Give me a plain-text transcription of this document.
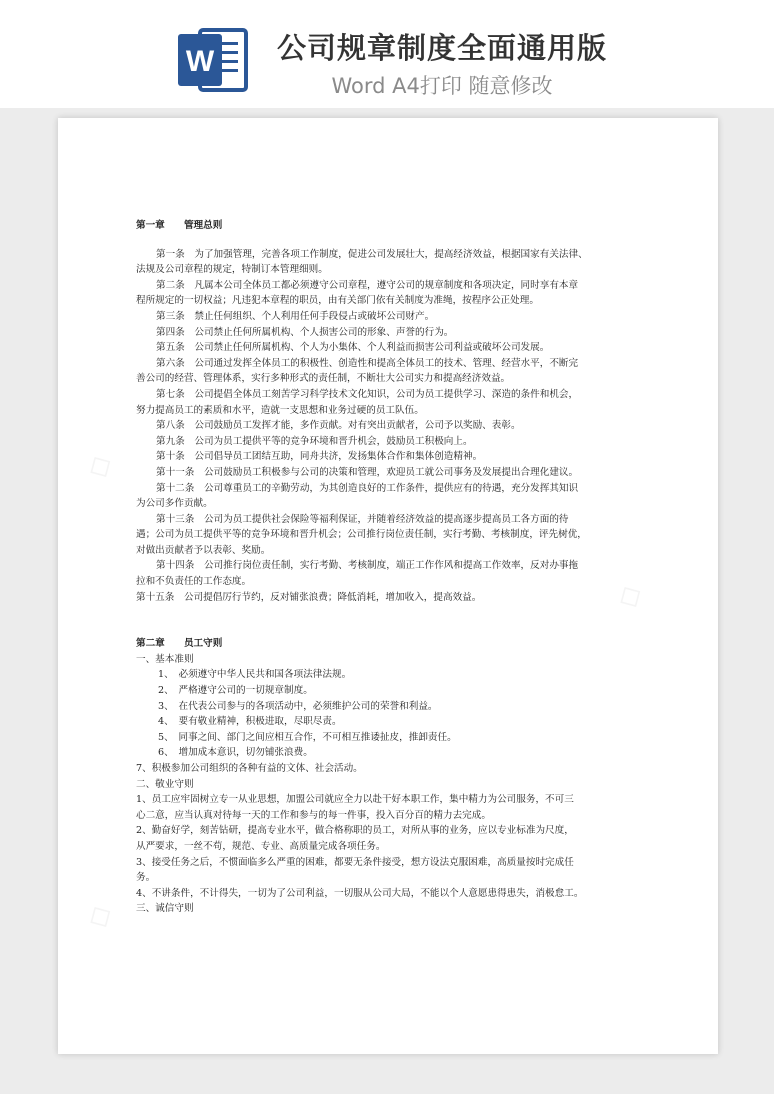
W	公司规章制度全面通用版
Word A4打印 随意修改
◇
◇
◇
第一章　　管理总则
第一条　为了加强管理，完善各项工作制度，促进公司发展壮大，提高经济效益，根据国家有关法律、
法规及公司章程的规定，特制订本管理细则。
第二条　凡属本公司全体员工都必须遵守公司章程，遵守公司的规章制度和各项决定，同时享有本章
程所规定的一切权益；凡违犯本章程的职员，由有关部门依有关制度为准绳，按程序公正处理。
第三条　禁止任何组织、个人利用任何手段侵占或破坏公司财产。
第四条　公司禁止任何所属机构、个人损害公司的形象、声誉的行为。
第五条　公司禁止任何所属机构、个人为小集体、个人利益而损害公司利益或破坏公司发展。
第六条　公司通过发挥全体员工的积极性、创造性和提高全体员工的技术、管理、经营水平，不断完
善公司的经营、管理体系，实行多种形式的责任制，不断壮大公司实力和提高经济效益。
第七条　公司提倡全体员工刻苦学习科学技术文化知识，公司为员工提供学习、深造的条件和机会，
努力提高员工的素质和水平，造就一支思想和业务过硬的员工队伍。
第八条　公司鼓励员工发挥才能，多作贡献。对有突出贡献者，公司予以奖励、表彰。
第九条　公司为员工提供平等的竞争环境和晋升机会，鼓励员工积极向上。
第十条　公司倡导员工团结互助，同舟共济，发扬集体合作和集体创造精神。
第十一条　公司鼓励员工积极参与公司的决策和管理，欢迎员工就公司事务及发展提出合理化建议。
第十二条　公司尊重员工的辛勤劳动，为其创造良好的工作条件，提供应有的待遇，充分发挥其知识
为公司多作贡献。
第十三条　公司为员工提供社会保险等福利保证，并随着经济效益的提高逐步提高员工各方面的待
遇；公司为员工提供平等的竞争环境和晋升机会；公司推行岗位责任制，实行考勤、考核制度，评先树优，
对做出贡献者予以表彰、奖励。
第十四条　公司推行岗位责任制，实行考勤、考核制度，端正工作作风和提高工作效率，反对办事拖
拉和不负责任的工作态度。
第十五条　公司提倡厉行节约，反对铺张浪费；降低消耗，增加收入，提高效益。
第二章　　员工守则
一、基本准则
1、　必须遵守中华人民共和国各项法律法规。
2、　严格遵守公司的一切规章制度。
3、　在代表公司参与的各项活动中，必须维护公司的荣誉和利益。
4、　要有敬业精神，积极进取，尽职尽责。
5、　同事之间、部门之间应相互合作，不可相互推诿扯皮，推卸责任。
6、　增加成本意识，切勿铺张浪费。
7、积极参加公司组织的各种有益的文体、社会活动。
二、敬业守则
1、员工应牢固树立专一从业思想，加盟公司就应全力以赴干好本职工作，集中精力为公司服务，不可三
心二意，应当认真对待每一天的工作和参与的每一件事，投入百分百的精力去完成。
2、勤奋好学，刻苦钻研，提高专业水平，做合格称职的员工，对所从事的业务，应以专业标准为尺度，
从严要求，一丝不苟，规范、专业、高质量完成各项任务。
3、接受任务之后，不惯面临多么严重的困难，都要无条件接受，想方设法克服困难，高质量按时完成任
务。
4、不讲条件，不计得失，一切为了公司利益，一切服从公司大局，不能以个人意愿患得患失，消极怠工。
三、诚信守则
